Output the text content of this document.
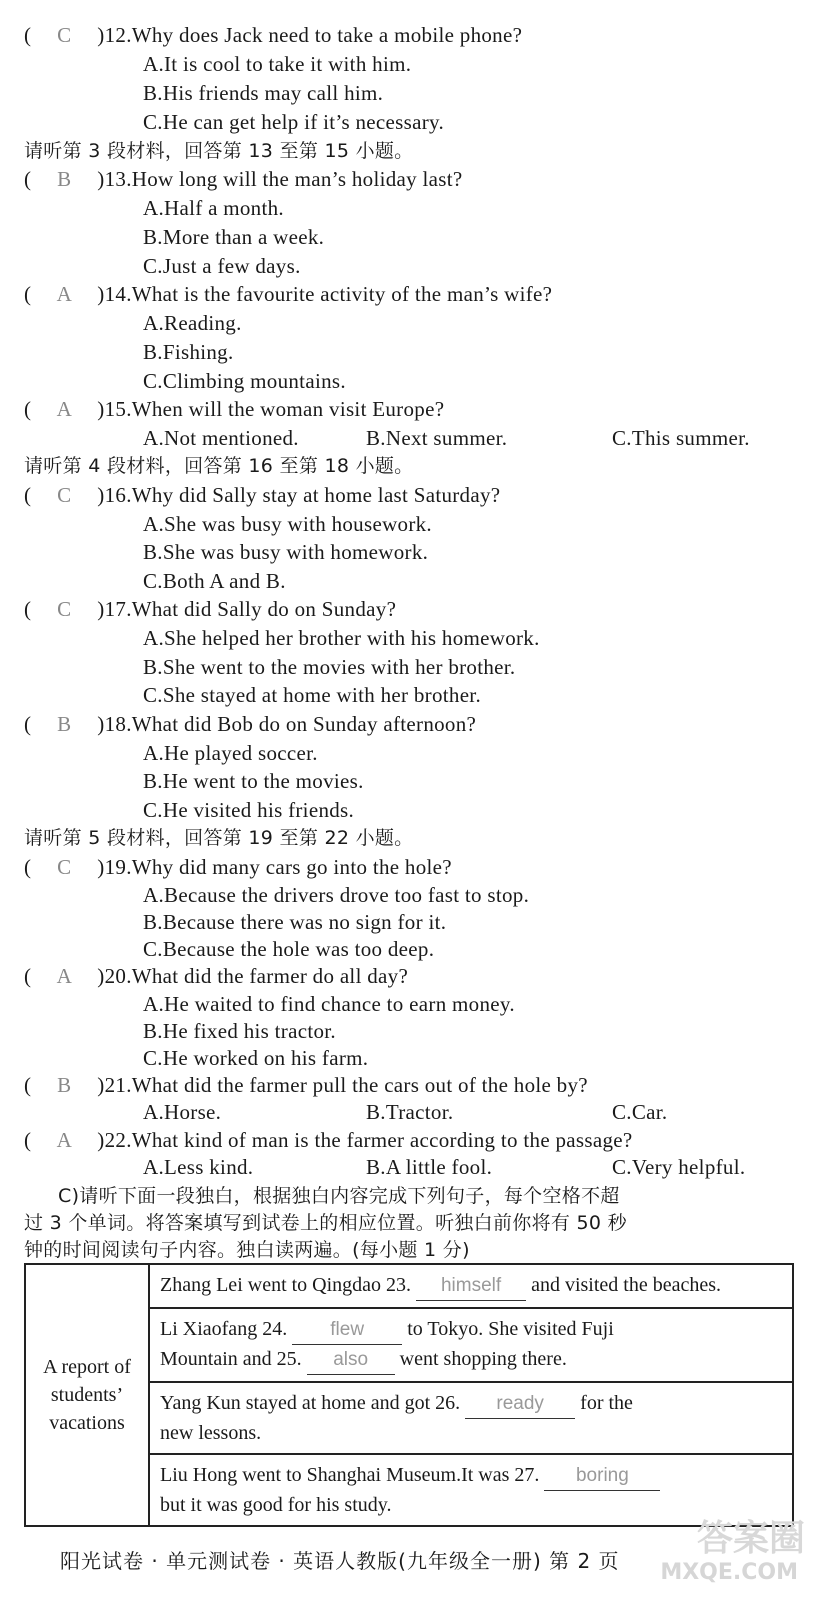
( C )12.Why does Jack need to take a mobile phone?
A.It is cool to take it with him.
B.His friends may call him.
C.He can get help if it’s necessary.
请听第 3 段材料，回答第 13 至第 15 小题。
( B )13.How long will the man’s holiday last?
A.Half a month.
B.More than a week.
C.Just a few days.
( A )14.What is the favourite activity of the man’s wife?
A.Reading.
B.Fishing.
C.Climbing mountains.
( A )15.When will the woman visit Europe?
A.Not mentioned.	B.Next summer.	C.This summer.
请听第 4 段材料，回答第 16 至第 18 小题。
( C )16.Why did Sally stay at home last Saturday?
A.She was busy with housework.
B.She was busy with homework.
C.Both A and B.
( C )17.What did Sally do on Sunday?
A.She helped her brother with his homework.
B.She went to the movies with her brother.
C.She stayed at home with her brother.
( B )18.What did Bob do on Sunday afternoon?
A.He played soccer.
B.He went to the movies.
C.He visited his friends.
请听第 5 段材料，回答第 19 至第 22 小题。
( C )19.Why did many cars go into the hole?
A.Because the drivers drove too fast to stop.
B.Because there was no sign for it.
C.Because the hole was too deep.
( A )20.What did the farmer do all day?
A.He waited to find chance to earn money.
B.He fixed his tractor.
C.He worked on his farm.
( B )21.What did the farmer pull the cars out of the hole by?
A.Horse.	B.Tractor.	C.Car.
( A )22.What kind of man is the farmer according to the passage?
A.Less kind.	B.A little fool.	C.Very helpful.
C)请听下面一段独白，根据独白内容完成下列句子，每个空格不超
过 3 个单词。将答案填写到试卷上的相应位置。听独白前你将有 50 秒
钟的时间阅读句子内容。独白读两遍。(每小题 1 分)
A report of
students’
vacations
	Zhang Lei went to Qingdao 23. himself and visited the beaches.

Li Xiaofang 24. flew to Tokyo. She visited Fuji
Mountain and 25. also went shopping there.

Yang Kun stayed at home and got 26. ready for the
new lessons.

Liu Hong went to Shanghai Museum.It was 27. boring
but it was good for his study.
阳光试卷 · 单元测试卷 · 英语人教版(九年级全一册) 第 2 页
答案圈
MXQE.COM
